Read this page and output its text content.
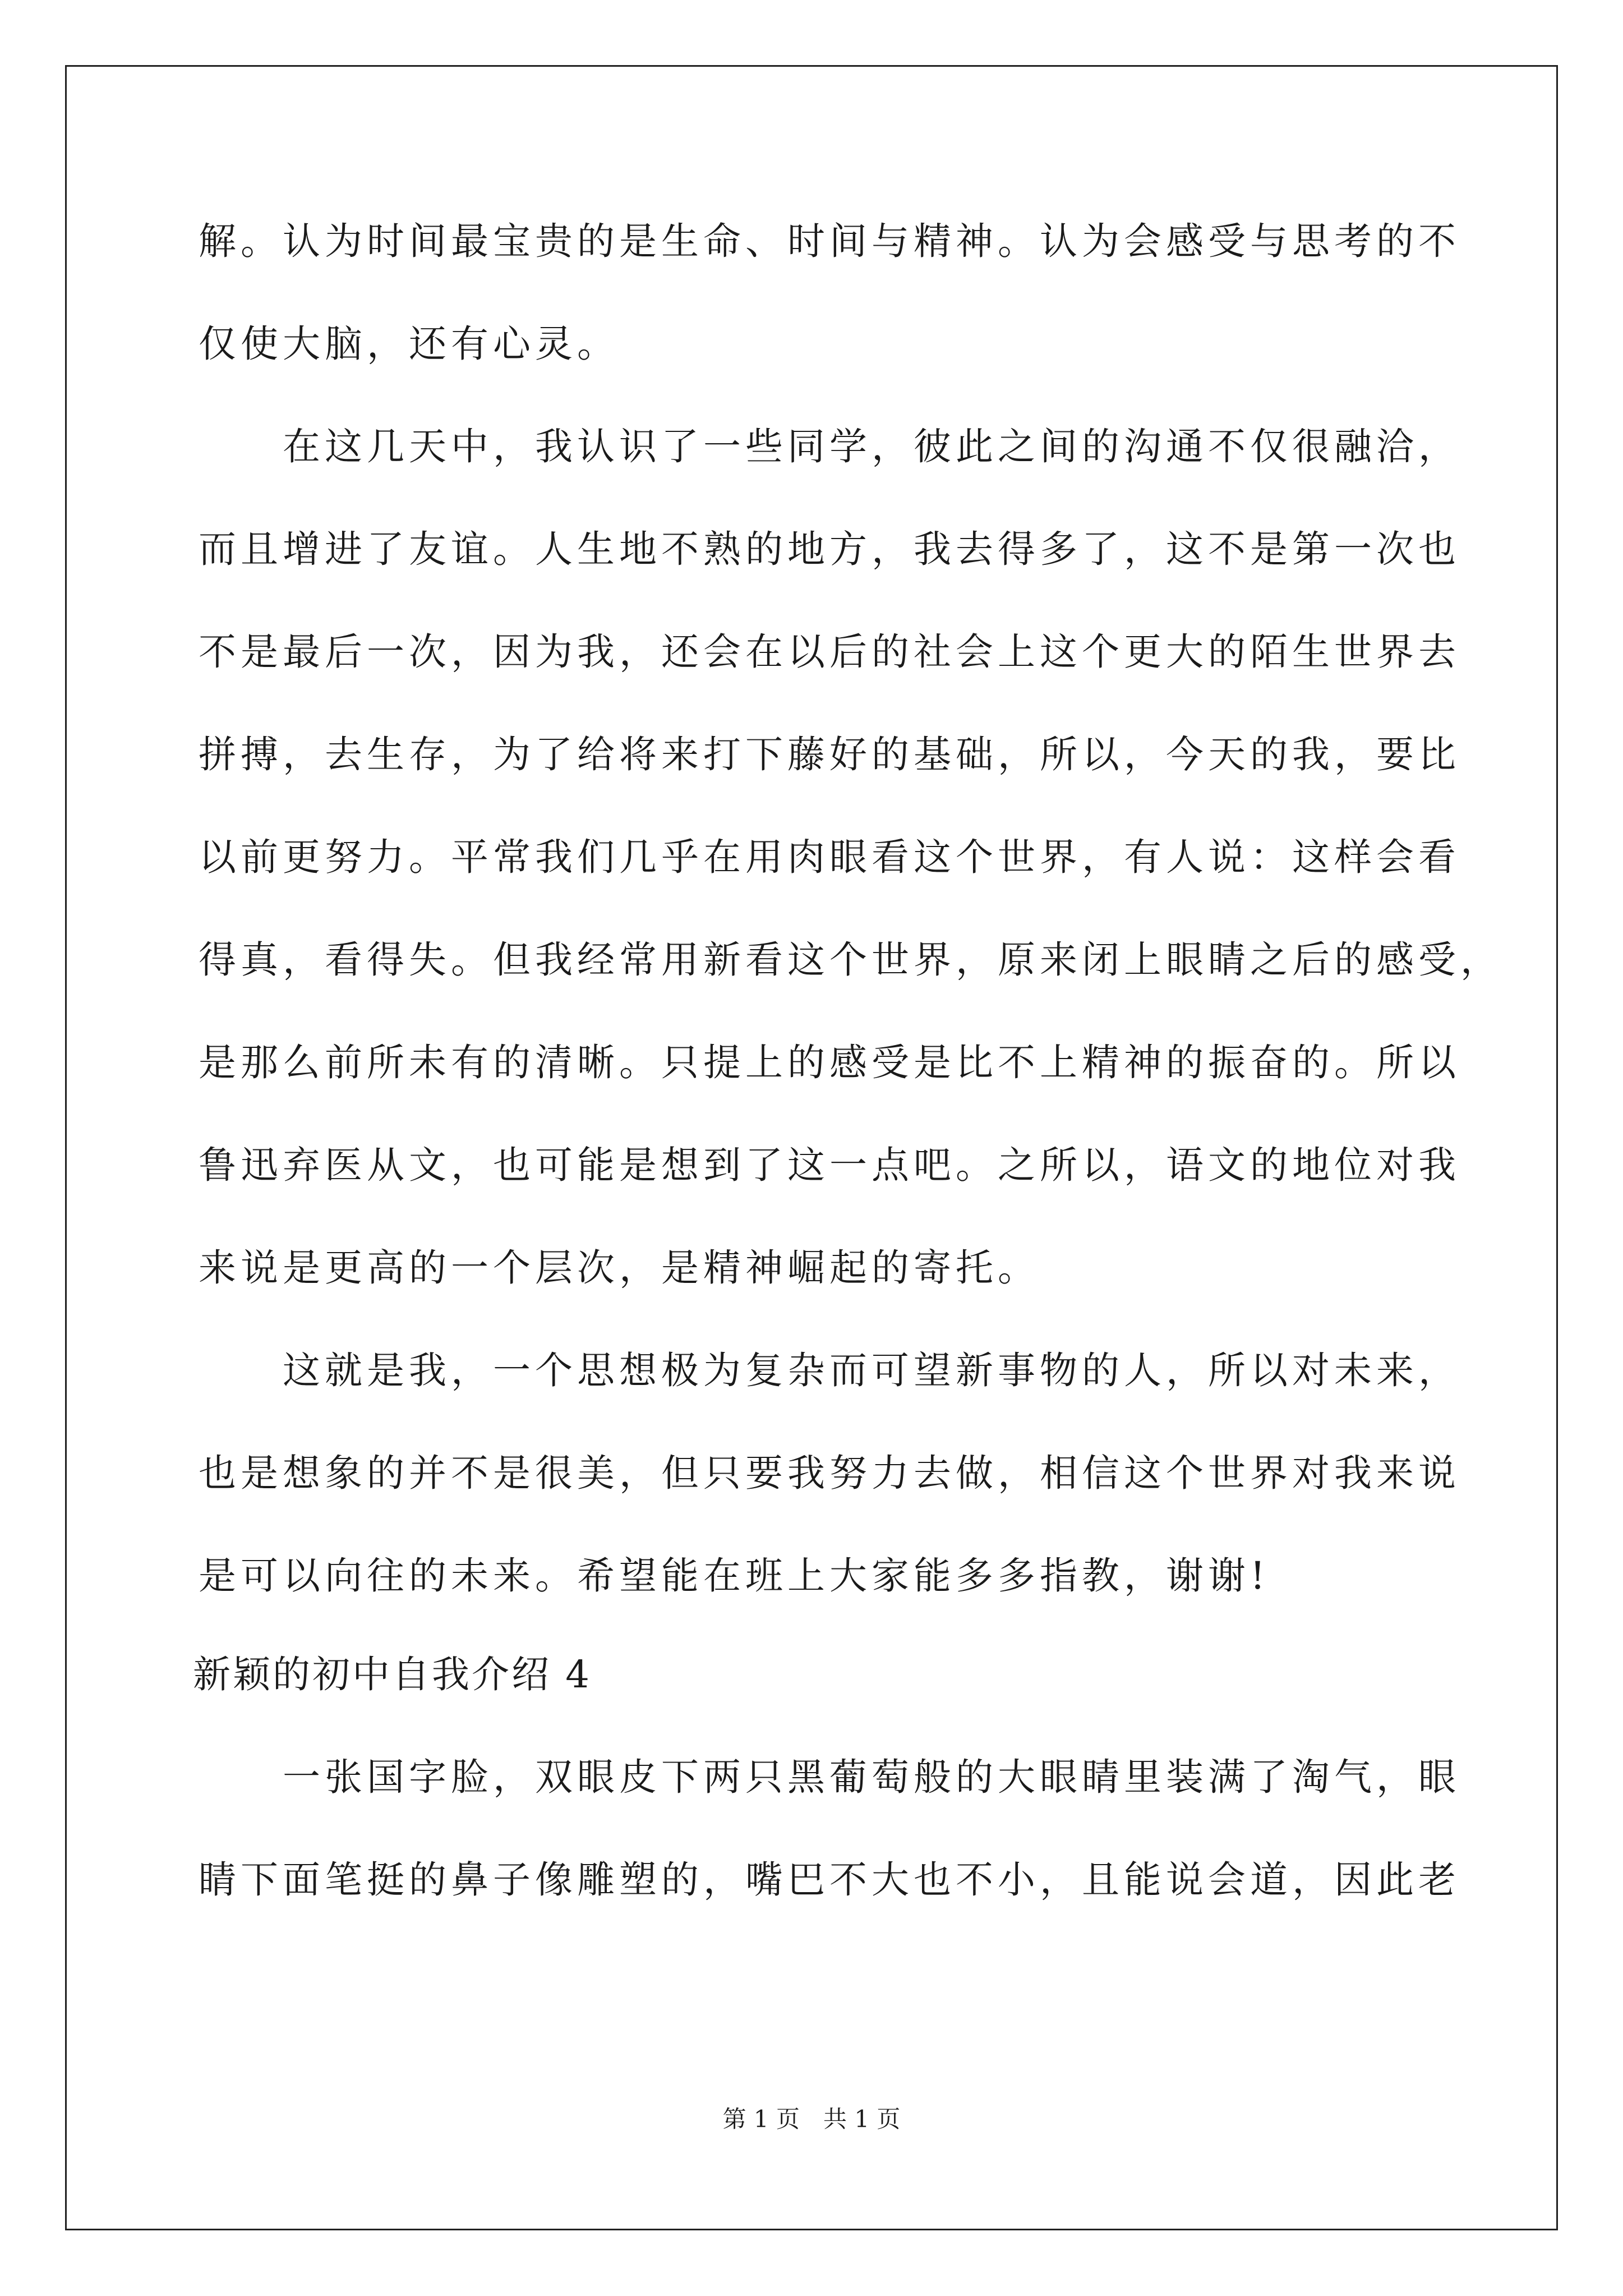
解。认为时间最宝贵的是生命、时间与精神。认为会感受与思考的不
仅使大脑，还有心灵。
　　在这几天中，我认识了一些同学，彼此之间的沟通不仅很融洽，
而且增进了友谊。人生地不熟的地方，我去得多了，这不是第一次也
不是最后一次，因为我，还会在以后的社会上这个更大的陌生世界去
拼搏，去生存，为了给将来打下藤好的基础，所以，今天的我，要比
以前更努力。平常我们几乎在用肉眼看这个世界，有人说：这样会看
得真，看得失。但我经常用新看这个世界，原来闭上眼睛之后的感受，
是那么前所未有的清晰。只提上的感受是比不上精神的振奋的。所以
鲁迅弃医从文，也可能是想到了这一点吧。之所以，语文的地位对我
来说是更高的一个层次，是精神崛起的寄托。
　　这就是我，一个思想极为复杂而可望新事物的人，所以对未来，
也是想象的并不是很美，但只要我努力去做，相信这个世界对我来说
是可以向往的未来。希望能在班上大家能多多指教，谢谢!
新颖的初中自我介绍 4
　　一张国字脸，双眼皮下两只黑葡萄般的大眼睛里装满了淘气，眼
睛下面笔挺的鼻子像雕塑的，嘴巴不大也不小，且能说会道，因此老
第 1 页　共 1 页
